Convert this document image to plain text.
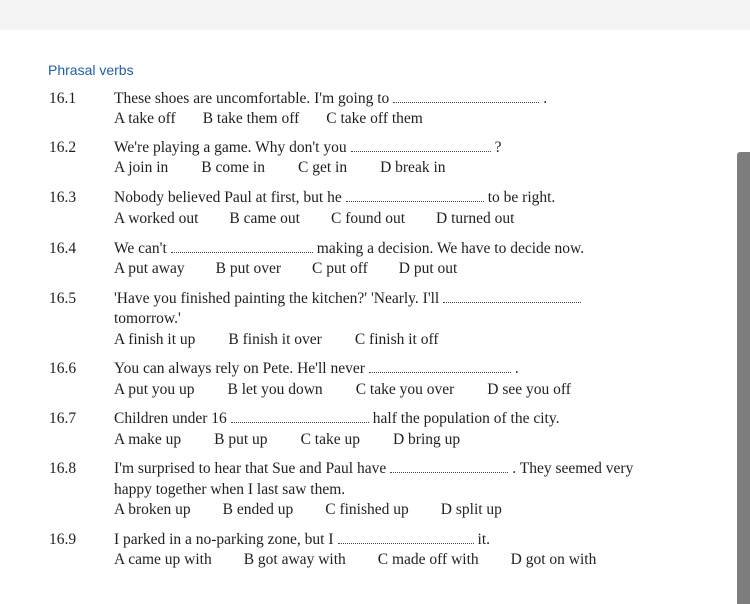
Phrasal verbs
16.1 These shoes are uncomfortable. I'm going to	.
A take off B take them off C take off them
16.2 We're playing a game. Why don't you	?
A join in B come in C get in D break in
16.3 Nobody believed Paul at first, but he	to be right.
A worked out B came out C found out D turned out
16.4 We can't	making a decision. We have to decide now.
A put away B put over C put off D put out
16.5 'Have you finished painting the kitchen?' 'Nearly. I'll
tomorrow.'
A finish it up B finish it over C finish it off
16.6 You can always rely on Pete. He'll never	.
A put you up B let you down C take you over D see you off
16.7 Children under 16	half the population of the city.
A make up B put up C take up D bring up
16.8 I'm surprised to hear that Sue and Paul have	. They seemed very
happy together when I last saw them.
A broken up B ended up C finished up D split up
16.9 I parked in a no-parking zone, but I	it.
A came up with B got away with C made off with D got on with
